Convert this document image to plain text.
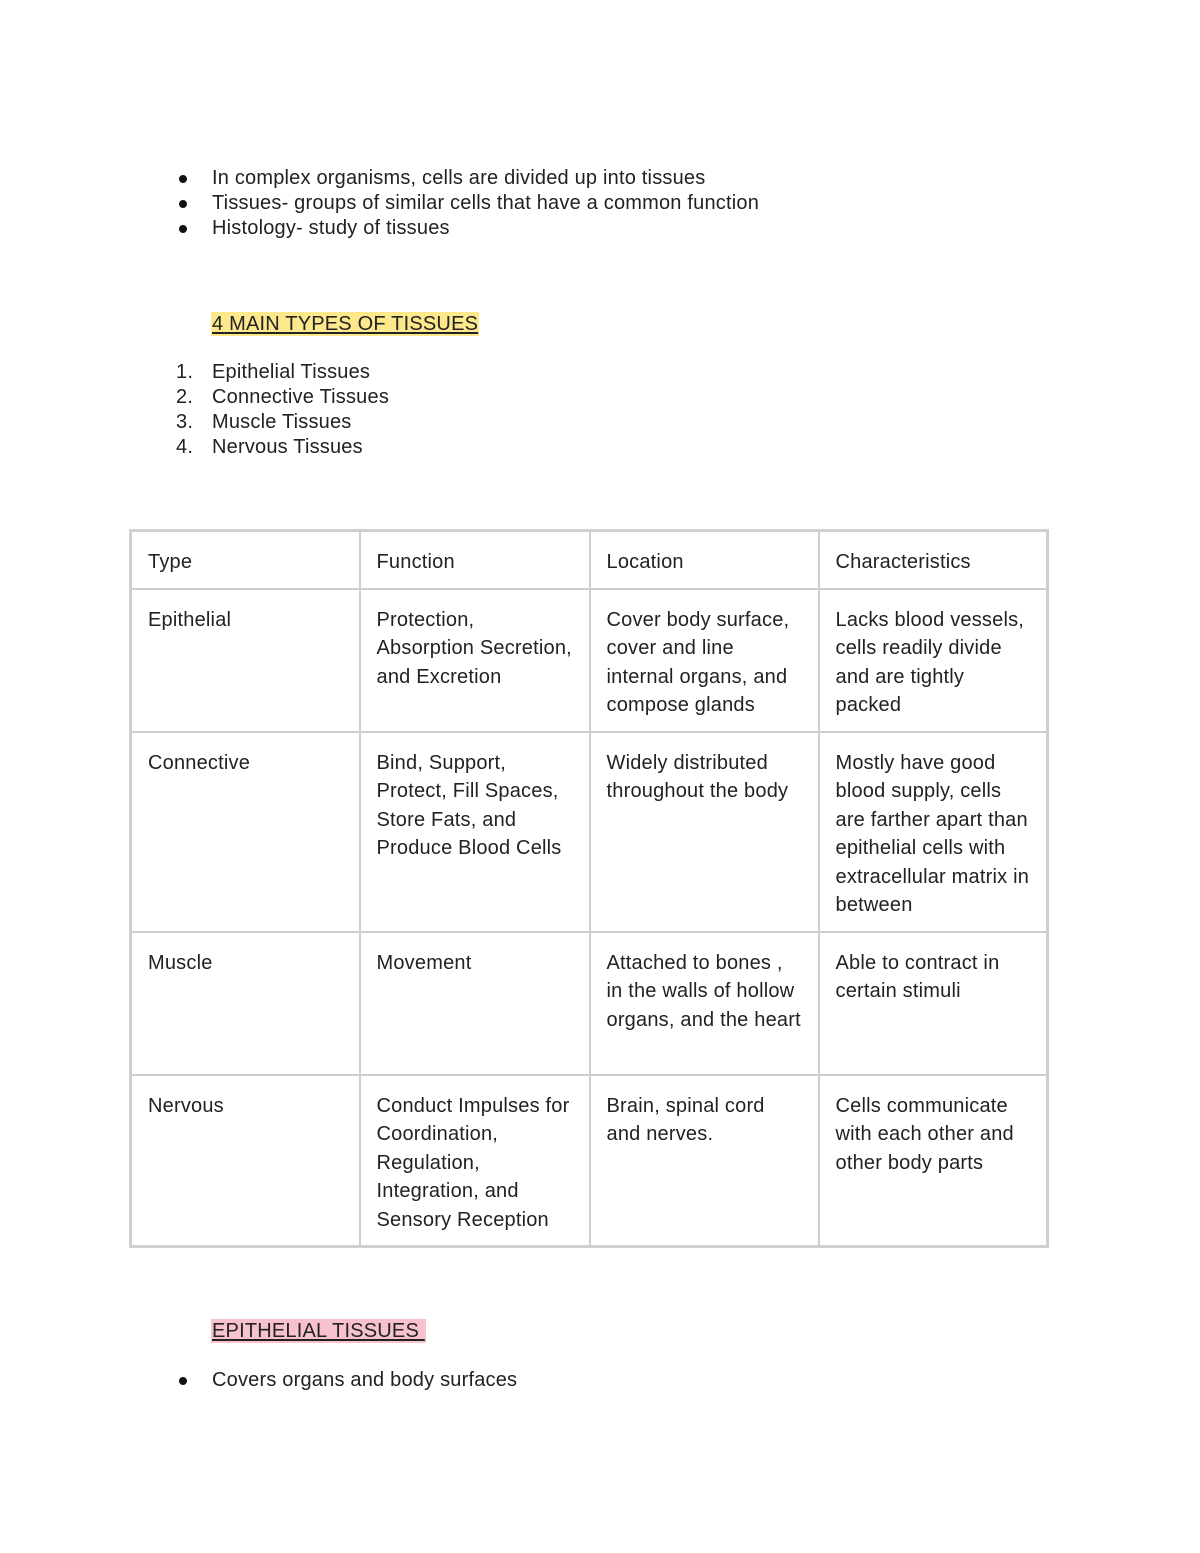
In complex organisms, cells are divided up into tissues
Tissues- groups of similar cells that have a common function
Histology- study of tissues
4 MAIN TYPES OF TISSUES
1. Epithelial Tissues
2. Connective Tissues
3. Muscle Tissues
4. Nervous Tissues
Type	Function	Location	Characteristics
Epithelial	Protection, Absorption Secretion, and Excretion	Cover body surface, cover and line internal organs, and compose glands	Lacks blood vessels, cells readily divide and are tightly packed
Connective	Bind, Support, Protect, Fill Spaces, Store Fats, and Produce Blood Cells	Widely distributed throughout the body	Mostly have good blood supply, cells are farther apart than epithelial cells with extracellular matrix in between
Muscle	Movement	Attached to bones , in the walls of hollow organs, and the heart	Able to contract in certain stimuli
Nervous	Conduct Impulses for Coordination, Regulation, Integration, and Sensory Reception	Brain, spinal cord and nerves.	Cells communicate with each other and other body parts
EPITHELIAL TISSUES
Covers organs and body surfaces
